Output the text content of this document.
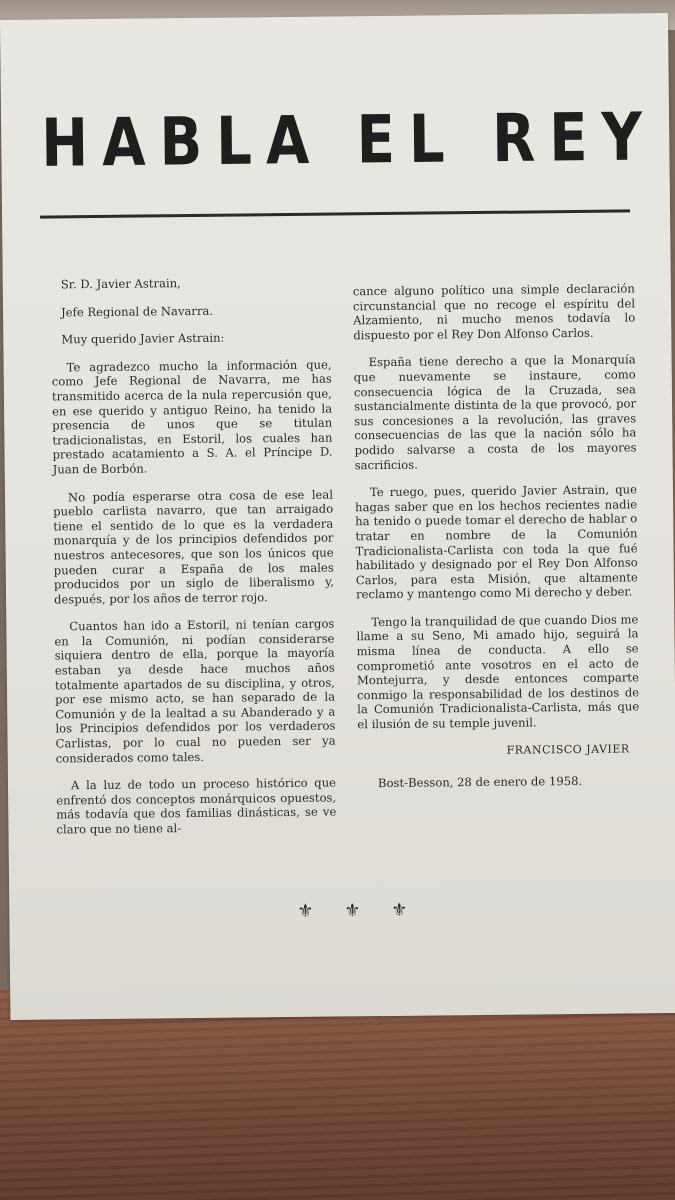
HABLA EL REY

Sr. D. Javier Astrain,

Jefe Regional de Navarra.

Muy querido Javier Astrain:

Te agradezco mucho la información que, como Jefe Regional de Navarra, me has transmitido acerca de la nula repercusión que, en ese querido y antiguo Reino, ha tenido la presencia de unos que se titulan tradicionalistas, en Estoril, los cuales han prestado acatamiento a S. A. el Príncipe D. Juan de Borbón.

No podía esperarse otra cosa de ese leal pueblo carlista navarro, que tan arraigado tiene el sentido de lo que es la verdadera monarquía y de los principios defendidos por nuestros antecesores, que son los únicos que pueden curar a España de los males producidos por un siglo de liberalismo y, después, por los años de terror rojo.

Cuantos han ido a Estoril, ni tenían cargos en la Comunión, ni podían considerarse siquiera dentro de ella, porque la mayoría estaban ya desde hace muchos años totalmente apartados de su disciplina, y otros, por ese mismo acto, se han separado de la Comunión y de la lealtad a su Abanderado y a los Principios defendidos por los verdaderos Carlistas, por lo cual no pueden ser ya considerados como tales.

A la luz de todo un proceso histórico que enfrentó dos conceptos monárquicos opuestos, más todavía que dos familias dinásticas, se ve claro que no tiene al-

cance alguno político una simple declaración circunstancial que no recoge el espíritu del Alzamiento, ni mucho menos todavía lo dispuesto por el Rey Don Alfonso Carlos.

España tiene derecho a que la Monarquía que nuevamente se instaure, como consecuencia lógica de la Cruzada, sea sustancialmente distinta de la que provocó, por sus concesiones a la revolución, las graves consecuencias de las que la nación sólo ha podido salvarse a costa de los mayores sacrificios.

Te ruego, pues, querido Javier Astrain, que hagas saber que en los hechos recientes nadie ha tenido o puede tomar el derecho de hablar o tratar en nombre de la Comunión Tradicionalista-Carlista con toda la que fué habilitado y designado por el Rey Don Alfonso Carlos, para esta Misión, que altamente reclamo y mantengo como Mi derecho y deber.

Tengo la tranquilidad de que cuando Dios me llame a su Seno, Mi amado hijo, seguirá la misma línea de conducta. A ello se comprometió ante vosotros en el acto de Montejurra, y desde entonces comparte conmigo la responsabilidad de los destinos de la Comunión Tradicionalista-Carlista, más que el ilusión de su temple juvenil.

FRANCISCO JAVIER

Bost-Besson, 28 de enero de 1958.

⚜ ⚜ ⚜
